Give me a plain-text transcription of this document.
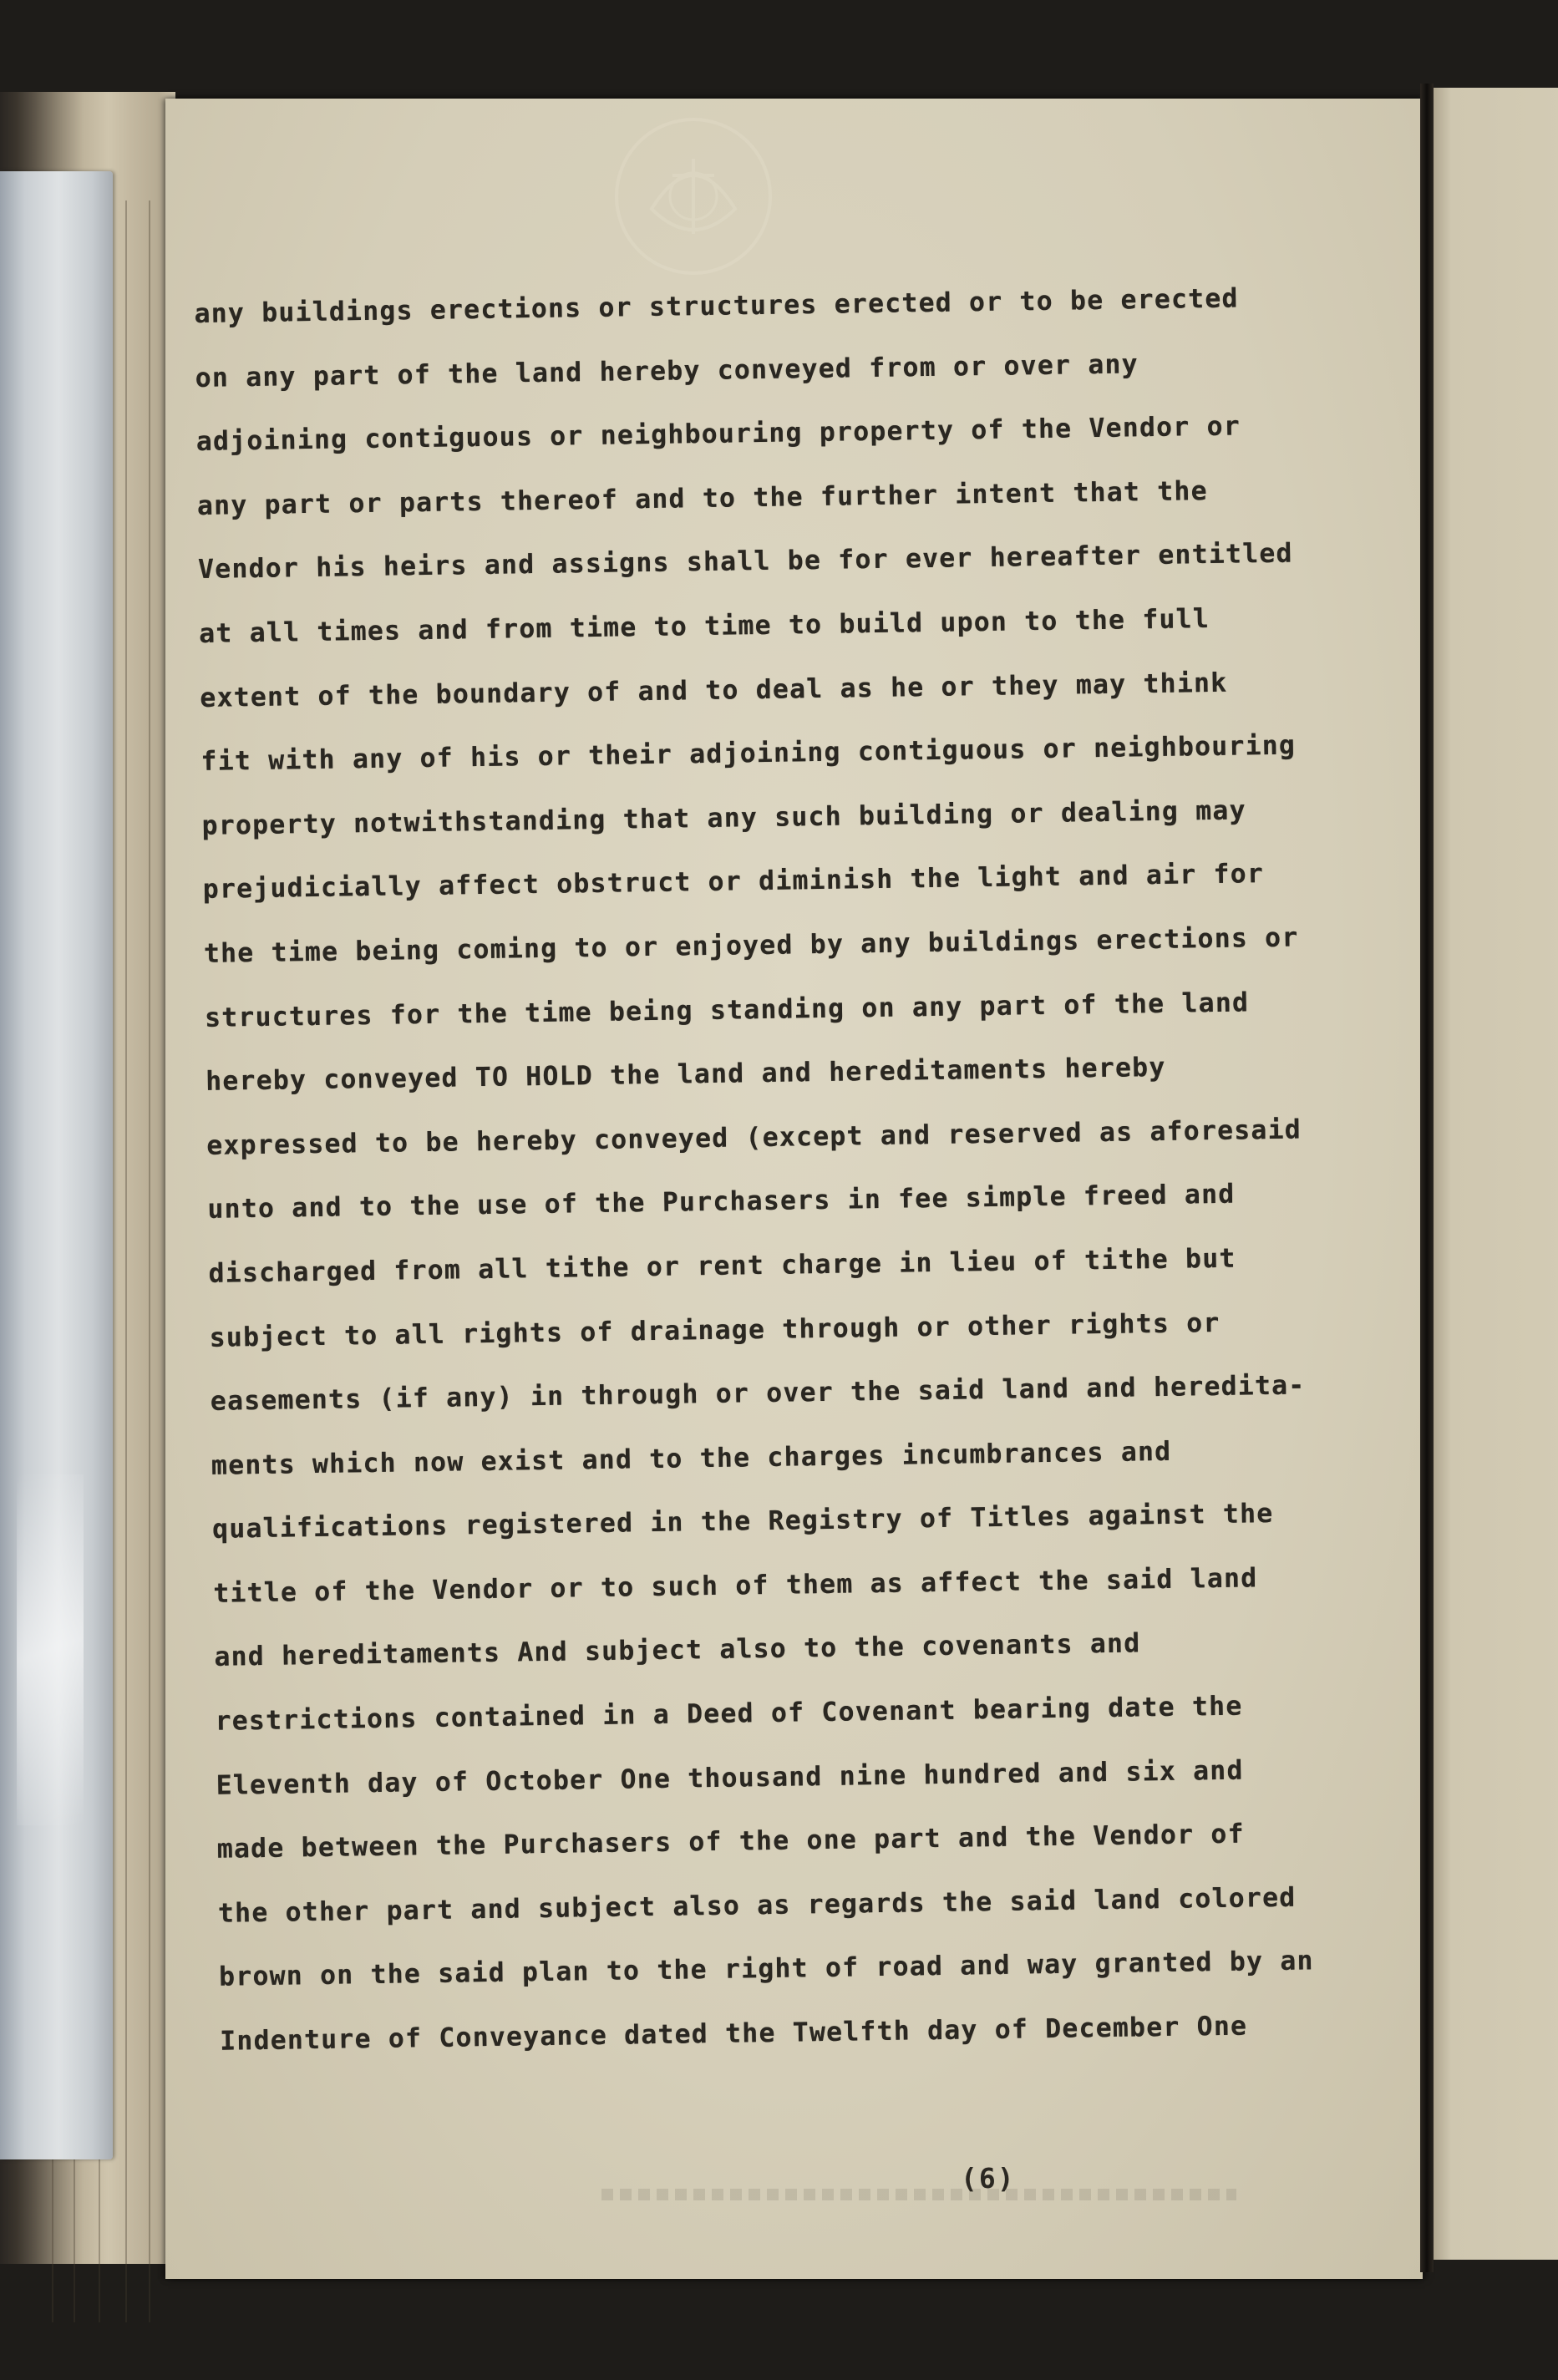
any buildings erections or structures erected or to be erected
on any part of the land hereby conveyed from or over any
adjoining contiguous or neighbouring property of the Vendor or
any part or parts thereof and to the further intent that the
Vendor his heirs and assigns shall be for ever hereafter entitled
at all times and from time to time to build upon to the full
extent of the boundary of and to deal as he or they may think
fit with any of his or their adjoining contiguous or neighbouring
property notwithstanding that any such building or dealing may
prejudicially affect obstruct or diminish the light and air for
the time being coming to or enjoyed by any buildings erections or
structures for the time being standing on any part of the land
hereby conveyed TO HOLD the land and hereditaments hereby
expressed to be hereby conveyed (except and reserved as aforesaid
unto and to the use of the Purchasers in fee simple freed and
discharged from all tithe or rent charge in lieu of tithe but
subject to all rights of drainage through or other rights or
easements (if any) in through or over the said land and heredita-
ments which now exist and to the charges incumbrances and
qualifications registered in the Registry of Titles against the
title of the Vendor or to such of them as affect the said land
and hereditaments And subject also to the covenants and
restrictions contained in a Deed of Covenant bearing date the
Eleventh day of October One thousand nine hundred and six and
made between the Purchasers of the one part and the Vendor of
the other part and subject also as regards the said land colored
brown on the said plan to the right of road and way granted by an
Indenture of Conveyance dated the Twelfth day of December One
(6)
